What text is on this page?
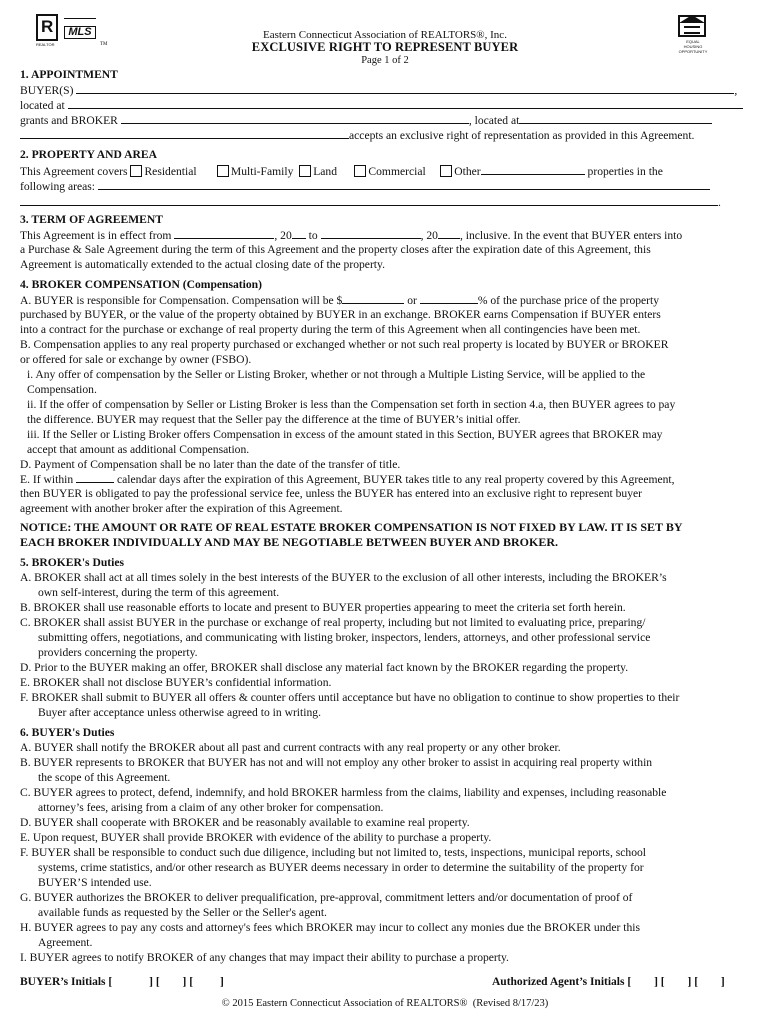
R
REALTOR
MLS
TM
EQUAL HOUSING OPPORTUNITY
Eastern Connecticut Association of REALTORS®, Inc.
EXCLUSIVE RIGHT TO REPRESENT BUYER
Page 1 of 2
1. APPOINTMENT
BUYER(S)	,
located at
grants and BROKER	, located at
accepts an exclusive right of representation as provided in this Agreement.
2. PROPERTY AND AREA
This Agreement covers Residential	Multi-Family Land	Commercial Other	properties in the
following areas:
.
3. TERM OF AGREEMENT
This Agreement is in effect from	, 20 to	, 20 , inclusive. In the event that BUYER enters into
a Purchase & Sale Agreement during the term of this Agreement and the property closes after the expiration date of this Agreement, this
Agreement is automatically extended to the actual closing date of the property.
4. BROKER COMPENSATION (Compensation)
A. BUYER is responsible for Compensation. Compensation will be $	or	% of the purchase price of the property
purchased by BUYER, or the value of the property obtained by BUYER in an exchange. BROKER earns Compensation if BUYER enters
into a contract for the purchase or exchange of real property during the term of this Agreement when all contingencies have been met.
B. Compensation applies to any real property purchased or exchanged whether or not such real property is located by BUYER or BROKER
or offered for sale or exchange by owner (FSBO).
i. Any offer of compensation by the Seller or Listing Broker, whether or not through a Multiple Listing Service, will be applied to the
Compensation.
ii. If the offer of compensation by Seller or Listing Broker is less than the Compensation set forth in section 4.a, then BUYER agrees to pay
the difference. BUYER may request that the Seller pay the difference at the time of BUYER’s initial offer.
iii. If the Seller or Listing Broker offers Compensation in excess of the amount stated in this Section, BUYER agrees that BROKER may
accept that amount as additional Compensation.
D. Payment of Compensation shall be no later than the date of the transfer of title.
E. If within	calendar days after the expiration of this Agreement, BUYER takes title to any real property covered by this Agreement,
then BUYER is obligated to pay the professional service fee, unless the BUYER has entered into an exclusive right to represent buyer
agreement with another broker after the expiration of this Agreement.
NOTICE: THE AMOUNT OR RATE OF REAL ESTATE BROKER COMPENSATION IS NOT FIXED BY LAW. IT IS SET BY
EACH BROKER INDIVIDUALLY AND MAY BE NEGOTIABLE BETWEEN BUYER AND BROKER.
5. BROKER's Duties
A. BROKER shall act at all times solely in the best interests of the BUYER to the exclusion of all other interests, including the BROKER’s
own self-interest, during the term of this agreement.
B. BROKER shall use reasonable efforts to locate and present to BUYER properties appearing to meet the criteria set forth herein.
C. BROKER shall assist BUYER in the purchase or exchange of real property, including but not limited to evaluating price, preparing/
submitting offers, negotiations, and communicating with listing broker, inspectors, lenders, attorneys, and other professional service
providers concerning the property.
D. Prior to the BUYER making an offer, BROKER shall disclose any material fact known by the BROKER regarding the property.
E. BROKER shall not disclose BUYER’s confidential information.
F. BROKER shall submit to BUYER all offers & counter offers until acceptance but have no obligation to continue to show properties to their
Buyer after acceptance unless otherwise agreed to in writing.
6. BUYER's Duties
A. BUYER shall notify the BROKER about all past and current contracts with any real property or any other broker.
B. BUYER represents to BROKER that BUYER has not and will not employ any other broker to assist in acquiring real property within
the scope of this Agreement.
C. BUYER agrees to protect, defend, indemnify, and hold BROKER harmless from the claims, liability and expenses, including reasonable
attorney’s fees, arising from a claim of any other broker for compensation.
D. BUYER shall cooperate with BROKER and be reasonably available to examine real property.
E. Upon request, BUYER shall provide BROKER with evidence of the ability to purchase a property.
F. BUYER shall be responsible to conduct such due diligence, including but not limited to, tests, inspections, municipal reports, school
systems, crime statistics, and/or other research as BUYER deems necessary in order to determine the suitability of the property for
BUYER’S intended use.
G. BUYER authorizes the BROKER to deliver prequalification, pre-approval, commitment letters and/or documentation of proof of
available funds as requested by the Seller or the Seller's agent.
H. BUYER agrees to pay any costs and attorney's fees which BROKER may incur to collect any monies due the BROKER under this
Agreement.
I. BUYER agrees to notify BROKER of any changes that may impact their ability to purchase a property.
BUYER’s Initials [	] [ ] [ ]	Authorized Agent’s Initials [ ] [ ] [ ]
© 2015 Eastern Connecticut Association of REALTORS® (Revised 8/17/23)
